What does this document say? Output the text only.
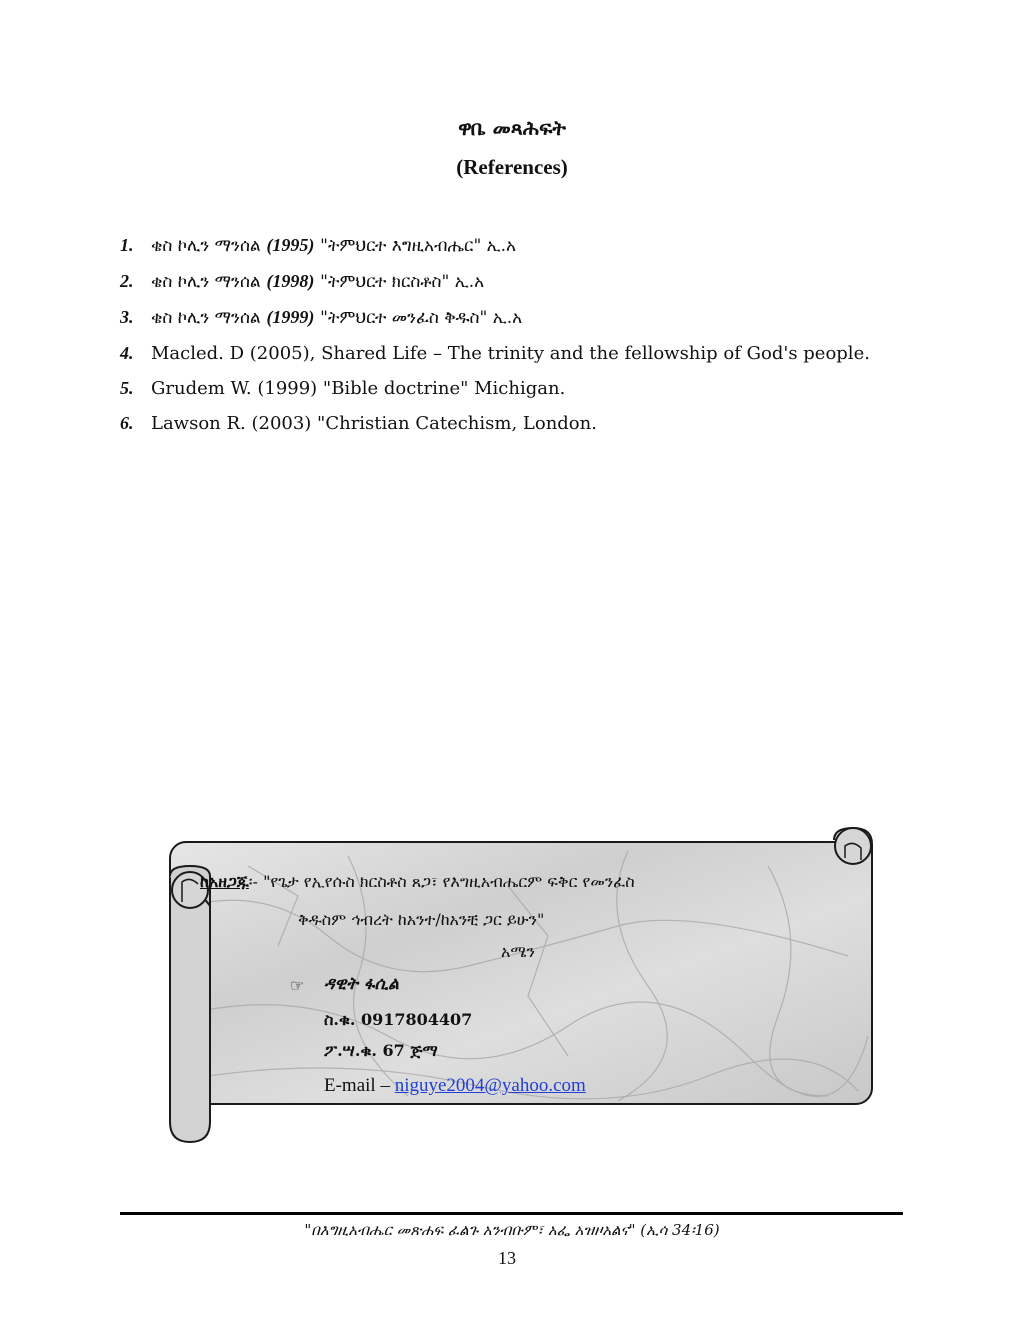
ዋቤ መጻሕፍት
(References)
1. ቄስ ኮሊን ማንሰል (1995) "ትምህርተ እግዚአብሔር" ኢ.አ
2. ቄስ ኮሊን ማንሰል (1998) "ትምህርተ ክርስቶስ" ኢ.አ
3. ቄስ ኮሊን ማንሰል (1999) "ትምህርተ መንፈስ ቅዱስ" ኢ.አ
4. Macled. D (2005), Shared Life – The trinity and the fellowship of God's people.
5. Grudem W. (1999) "Bible doctrine" Michigan.
6. Lawson R. (2003) "Christian Catechism, London.
ከአዘጋጁ፡- "የጌታ የኢየሱስ ክርስቶስ ጸጋ፣ የእግዚአብሔርም ፍቅር የመንፈስ
ቅዱስም ኅብረት ከአንተ/ከአንቺ ጋር ይሁን"
አሜን
☞ ዳዊት ፋሲል
ስ.ቁ. 0917804407
ፖ.ሣ.ቁ. 67 ጅማ
E-mail – niguye2004@yahoo.com
"በእግዚአብሔር መጽሐፍ ፈልጉ አንብቡም፣ አፌ አዝዞአልና" (ኢሳ 34፡16)
13
